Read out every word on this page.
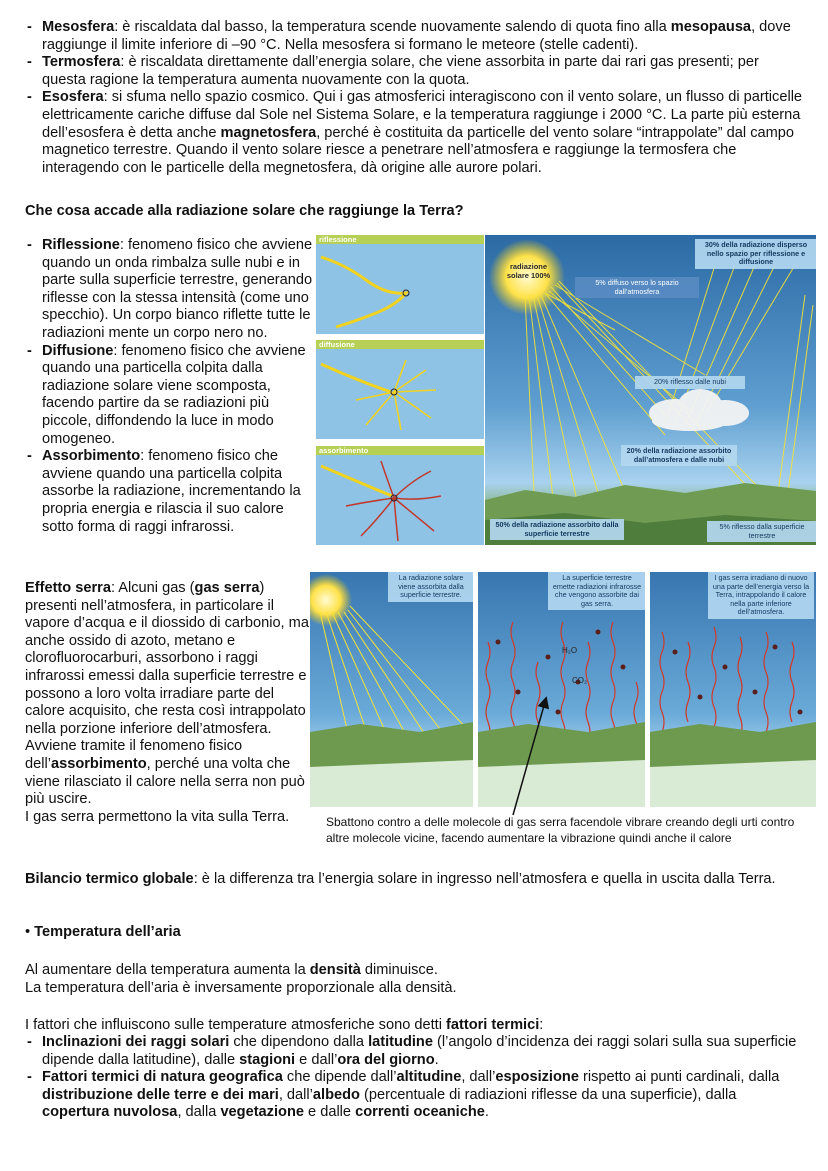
- Mesosfera: è riscaldata dal basso, la temperatura scende nuovamente salendo di quota fino alla mesopausa, dove raggiunge il limite inferiore di –90 °C. Nella mesosfera si formano le meteore (stelle cadenti).
- Termosfera: è riscaldata direttamente dall’energia solare, che viene assorbita in parte dai rari gas presenti; per questa ragione la temperatura aumenta nuovamente con la quota.
- Esosfera: si sfuma nello spazio cosmico. Qui i gas atmosferici interagiscono con il vento solare, un flusso di particelle elettricamente cariche diffuse dal Sole nel Sistema Solare, e la temperatura raggiunge i 2000 °C. La parte più esterna dell’esosfera è detta anche magnetosfera, perché è costituita da particelle del vento solare “intrappolate” dal campo magnetico terrestre. Quando il vento solare riesce a penetrare nell’atmosfera e raggiunge la termosfera che interagendo con le particelle della megnetosfera, dà origine alle aurore polari.

Che cosa accade alla radiazione solare che raggiunge la Terra?

- Riflessione: fenomeno fisico che avviene quando un onda rimbalza sulle nubi e in parte sulla superficie terrestre, generando riflesse con la stessa intensità (come uno specchio). Un corpo bianco riflette tutte le radiazioni mente un corpo nero no.
- Diffusione: fenomeno fisico che avviene quando una particella colpita dalla radiazione solare viene scomposta, facendo partire da se radiazioni più piccole, diffondendo la luce in modo omogeneo.
- Assorbimento: fenomeno fisico che avviene quando una particella colpita assorbe la radiazione, incrementando la propria energia e rilascia il suo calore sotto forma di raggi infrarossi.
riflessione
diffusione
assorbimento
radiazione solare 100%
30% della radiazione disperso nello spazio per riflessione e diffusione
5% diffuso verso lo spazio dall’atmosfera
20% riflesso dalle nubi
20% della radiazione assorbito dall’atmosfera e dalle nubi
50% della radiazione assorbito dalla superficie terrestre
5% riflesso dalla superficie terrestre

Effetto serra: Alcuni gas (gas serra) presenti nell’atmosfera, in particolare il vapore d’acqua e il diossido di carbonio, ma anche ossido di azoto, metano e clorofluorocarburi, assorbono i raggi infrarossi emessi dalla superficie terrestre e possono a loro volta irradiare parte del calore acquisito, che resta così intrappolato nella porzione inferiore dell’atmosfera.

Avviene tramite il fenomeno fisico dell’assorbimento, perché una volta che viene rilasciato il calore nella serra non può più uscire.

I gas serra permettono la vita sulla Terra.

La radiazione solare viene assorbita dalla superficie terrestre.
H₂O
CO₂
La superficie terrestre emette radiazioni infrarosse che vengono assorbite dai gas serra.
I gas serra irradiano di nuovo una parte dell’energia verso la Terra, intrappolando il calore nella parte inferiore dell’atmosfera.

Sbattono contro a delle molecole di gas serra facendole vibrare creando degli urti contro altre molecole vicine, facendo aumentare la vibrazione quindi anche il calore

Bilancio termico globale: è la differenza tra l’energia solare in ingresso nell’atmosfera e quella in uscita dalla Terra.

• Temperatura dell’aria

Al aumentare della temperatura aumenta la densità diminuisce.

La temperatura dell’aria è inversamente proporzionale alla densità.

I fattori che influiscono sulle temperature atmosferiche sono detti fattori termici:

- Inclinazioni dei raggi solari che dipendono dalla latitudine (l’angolo d’incidenza dei raggi solari sulla sua superficie dipende dalla latitudine), dalle stagioni e dall’ora del giorno.
- Fattori termici di natura geografica che dipende dall’altitudine, dall’esposizione rispetto ai punti cardinali, dalla distribuzione delle terre e dei mari, dall’albedo (percentuale di radiazioni riflesse da una superficie), dalla copertura nuvolosa, dalla vegetazione e dalle correnti oceaniche.
